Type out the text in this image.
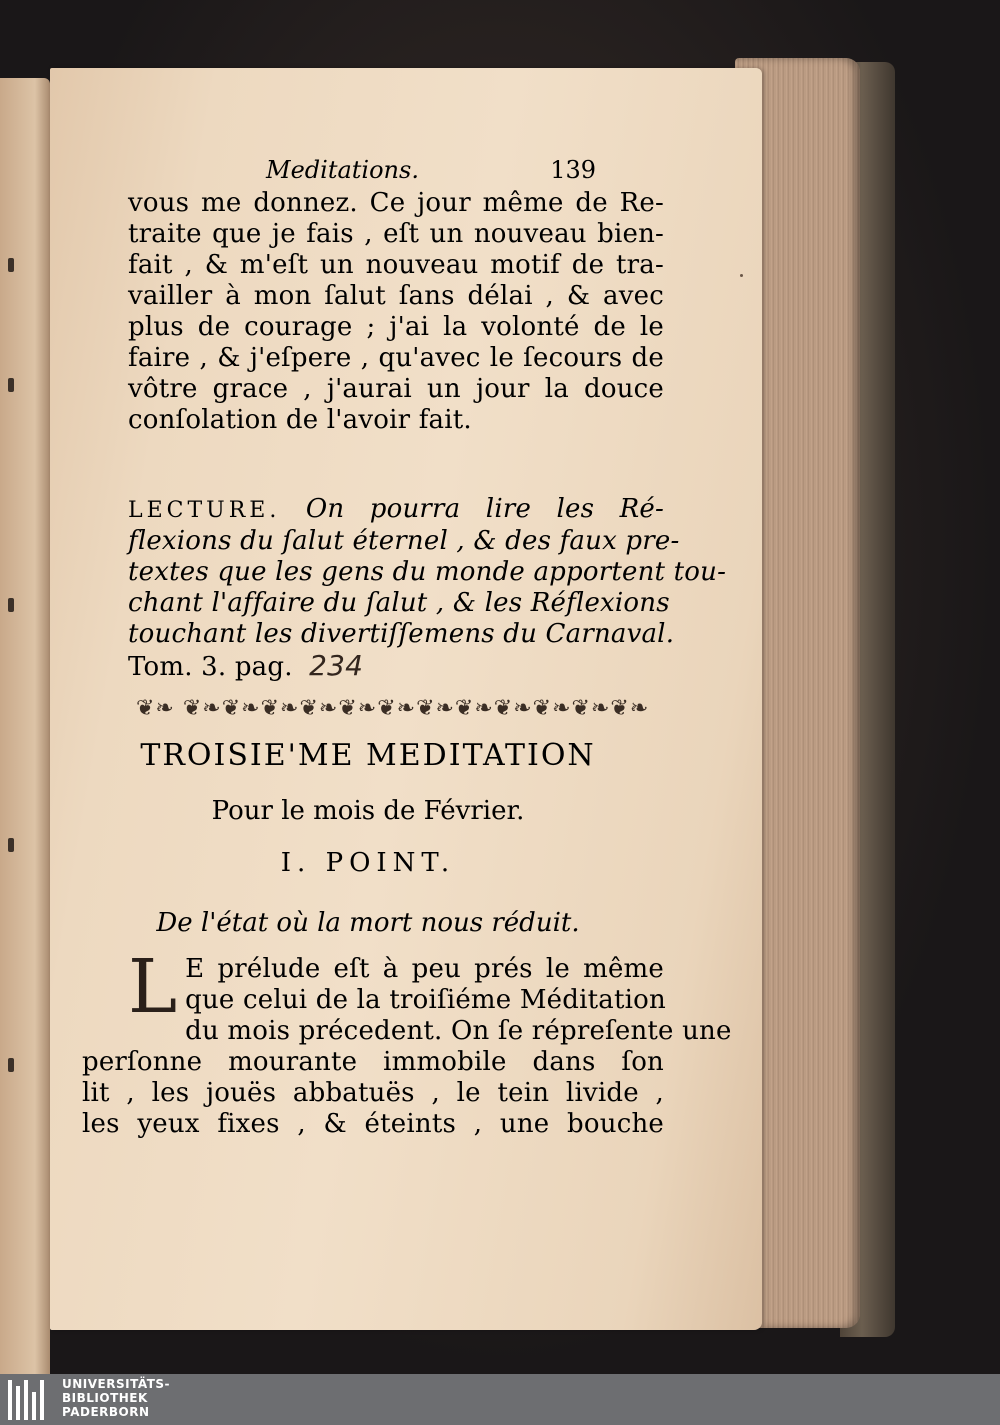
Meditations.	139
vous me donnez. Ce jour même de Re-
traite que je fais , eſt un nouveau bien-
fait , & m'eſt un nouveau motif de tra-
vailler à mon ſalut ſans délai , & avec
plus de courage ; j'ai la volonté de le
faire , & j'eſpere , qu'avec le ſecours de
vôtre grace , j'aurai un jour la douce
conſolation de l'avoir fait.
LECTURE. On pourra lire les Ré-
flexions du ſalut éternel , & des faux pre-
textes que les gens du monde apportent tou-
chant l'affaire du ſalut , & les Réflexions
touchant les divertiſſemens du Carnaval.
Tom. 3. pag. 234
❦❧ ❦❧❦❧❦❧❦❧❦❧❦❧❦❧❦❧❦❧❦❧❦❧❦❧
TROISIE'ME MEDITATION
Pour le mois de Février.
I. POINT.
De l'état où la mort nous réduit.
L E prélude eſt à peu prés le même
que celui de la troiſiéme Méditation
du mois précedent. On ſe répreſente une
perſonne mourante immobile dans ſon
lit , les jouës abbatuës , le tein livide ,
les yeux fixes , & éteints , une bouche
UNIVERSITÄTS-
BIBLIOTHEK
PADERBORN
